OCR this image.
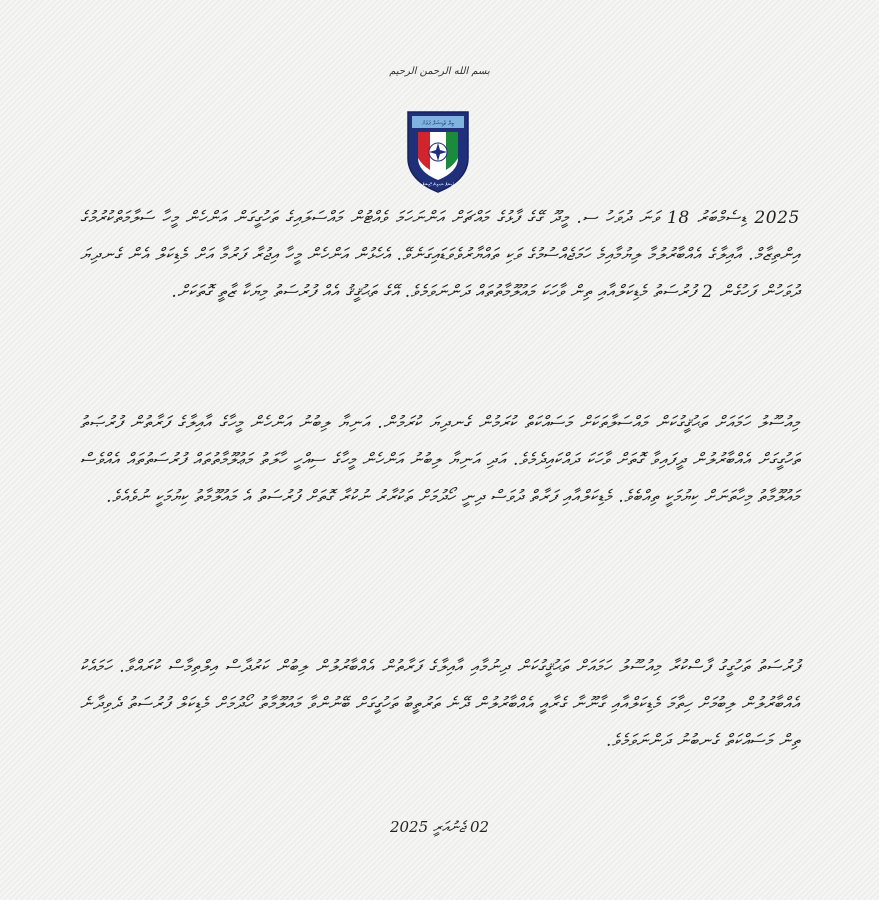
بسم الله الرحمن الرحيم
ބިލް ޖުޑިޝަލް ޕަވަރު
ޖުޑިޝަލް ސަރވިސް ކޮމިޝަން
2025 ޑިސެމްބަރު 18 ވަނަ ދުވަހު ސ. މީދޫ ގޭގެ ފާޅުގެ މައްޗަށް އަންނަހަމަ ވެއްޓުން މައްސަލައިގެ ތަހުގީގަން އަންހެން މީހާ ސަލާމަތްކުރުމުގެ އިންތިޒާމް. އާއިލާގެ އެއްބާރުލުމާ ލިޔުމާއިމެ ހަމަޖެއްސުމުގެ ވަކި ތައްޔާރުވެވަޑައިގަނެވޭ. އެހެޅުން އަންހެން މީހާ އިޖުރާ ފަރުމާ އަށް މެޑިކަލް އެން ގެނދިޔަ ދުވަހުން ފަހުގެން 2 ފުރުސަތު މެޑިކަލްއާއި ތިން ވާހަކަ މައުލޫމާތުތައް ދަންނަވަމެވެ. އޭގެ ތަޙުޤީޤު އެއް ފުރުސަތު މިޔަކާ ޒާތީ ގޮތަކަށް.
މިއުސޫލު ހަމައަށް ތަޙުޤީގުކަން މައްސަލާތަކަށް މަސައްކަތް ކުރަމުން ގެނދިޔަ ކުރަމުން. އަނިޔާ ލިބުނު އަންހެން މީހާގެ އާއިލާގެ ފަރާތުން ފުރުޞަތު ތަހުގީގަށް އެއްބާރުލުން ދީފައިވާ ގޮތަށް ވާހަކަ ދައްކައިދެމެވެ. އަދި އަނިޔާ ލިބުނު އަންހެން މީހާގެ ސިއްހީ ހާލަތު މަޢުލޫމާތުތައް ފުރުސަތުތައް އެއްވެސް މައުލޫމާތު މިހާތަނަށް ކިޔުމަކީ ތިއްބެވެ. މެޑިކަލްއާއި ފަރާތް ދުވަސް ދިނީ ހޯދުމަށް ތަކުރާރު ނުކުރާ ގޮތަށް ފުރުސަތު އެ މައުލޫމާތު ކިޔުމަކީ ނުވެއެވެ.
ފުރުސަތު ތަހުގީގު ފާސްކުރާ މިއުސޫލު ހަމައަށް ތަޙުޤީގުކަން ދިނުމާއި އާއިލާގެ ފަރާތުން އެއްބާރުލުން ލިބުން ކަރުދާސް އިލްތިމާސް ކުރައްވާ. ހަމައެކު އެއްބާރުލުން ލިބުމަށް ހިތާމަ މެޑިކަލްއާއި ގާނޫނާ ގެރާއީ އެއްބާރުލުން ދޭނެ ތަރުތީބު ތަހުގީގަށް ބޭނުންވާ މައުލޫމާތު ހޯދުމަށް މެޑިކަލް ފުރުސަތު ދެވިދާނެ ތިން މަސައްކަތް ގެނބުނު ދަންނަވަމެވެ.
02 ޖެނުއަރީ 2025
